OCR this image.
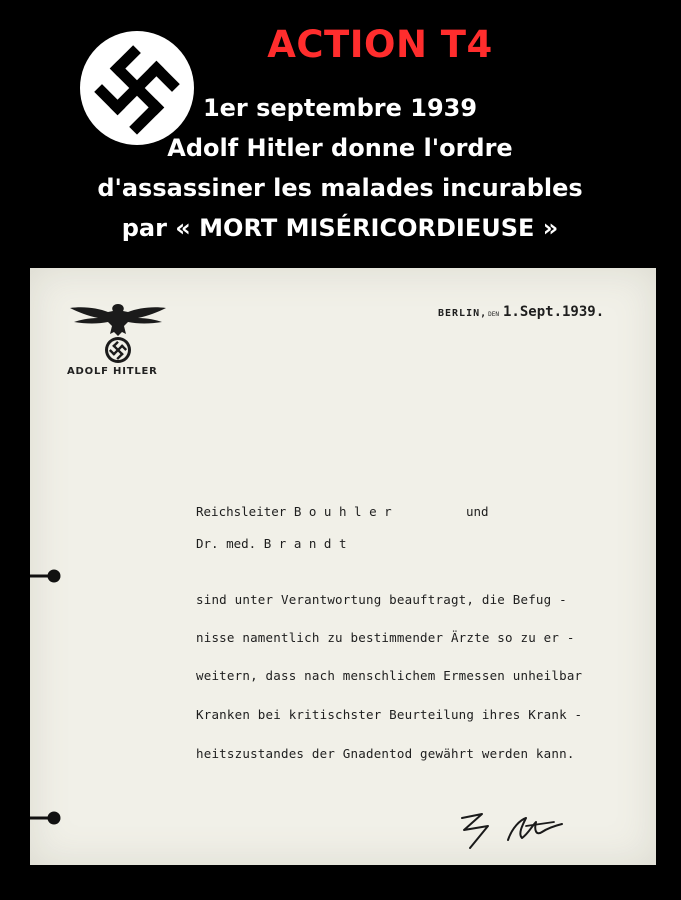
ACTION T4
1er septembre 1939
Adolf Hitler donne l'ordre
d'assassiner les malades incurables
par « MORT MISÉRICORDIEUSE »
ADOLF HITLER
BERLIN,DEN 1.Sept.1939.
Reichsleiter B o u h l e r	und
Dr. med. B r a n d t
sind unter Verantwortung beauftragt, die Befug -
nisse namentlich zu bestimmender Ärzte so zu er -
weitern, dass nach menschlichem Ermessen unheilbar
Kranken bei kritischster Beurteilung ihres Krank -
heitszustandes der Gnadentod gewährt werden kann.
